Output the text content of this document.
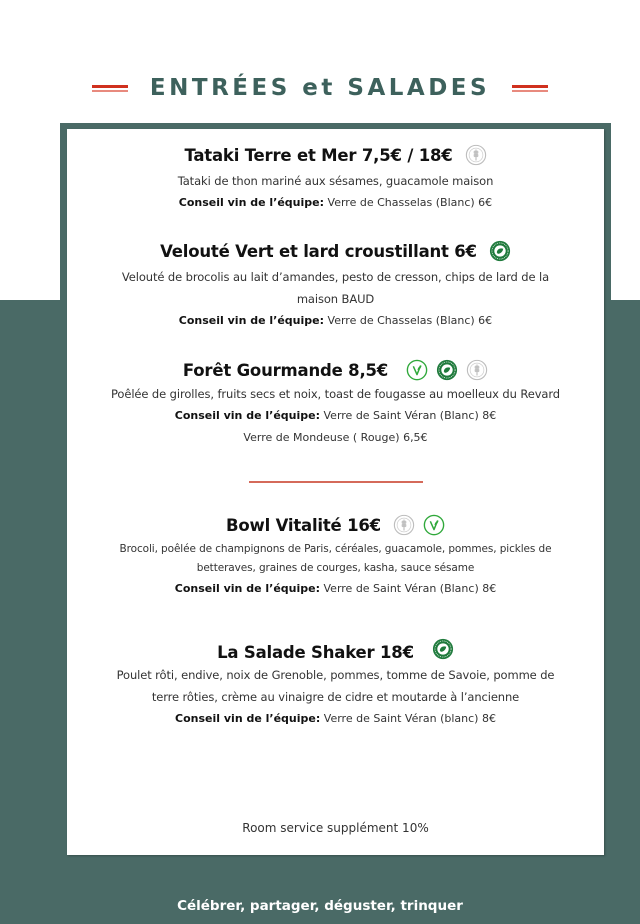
ENTRÉES et SALADES
Tataki Terre et Mer 7,5€ / 18€
Tataki de thon mariné aux sésames, guacamole maison
Conseil vin de l’équipe: Verre de Chasselas (Blanc) 6€
Velouté Vert et lard croustillant 6€
Velouté de brocolis au lait d’amandes, pesto de cresson, chips de lard de la
maison BAUD
Conseil vin de l’équipe: Verre de Chasselas (Blanc) 6€
Forêt Gourmande 8,5€
Poêlée de girolles, fruits secs et noix, toast de fougasse au moelleux du Revard
Conseil vin de l’équipe: Verre de Saint Véran (Blanc) 8€
Verre de Mondeuse ( Rouge) 6,5€
Bowl Vitalité 16€
Brocoli, poêlée de champignons de Paris, céréales, guacamole, pommes, pickles de
betteraves, graines de courges, kasha, sauce sésame
Conseil vin de l’équipe: Verre de Saint Véran (Blanc) 8€
La Salade Shaker 18€
Poulet rôti, endive, noix de Grenoble, pommes, tomme de Savoie, pomme de
terre rôties, crème au vinaigre de cidre et moutarde à l’ancienne
Conseil vin de l’équipe: Verre de Saint Véran (blanc) 8€
Room service supplément 10%
Célébrer, partager, déguster, trinquer
